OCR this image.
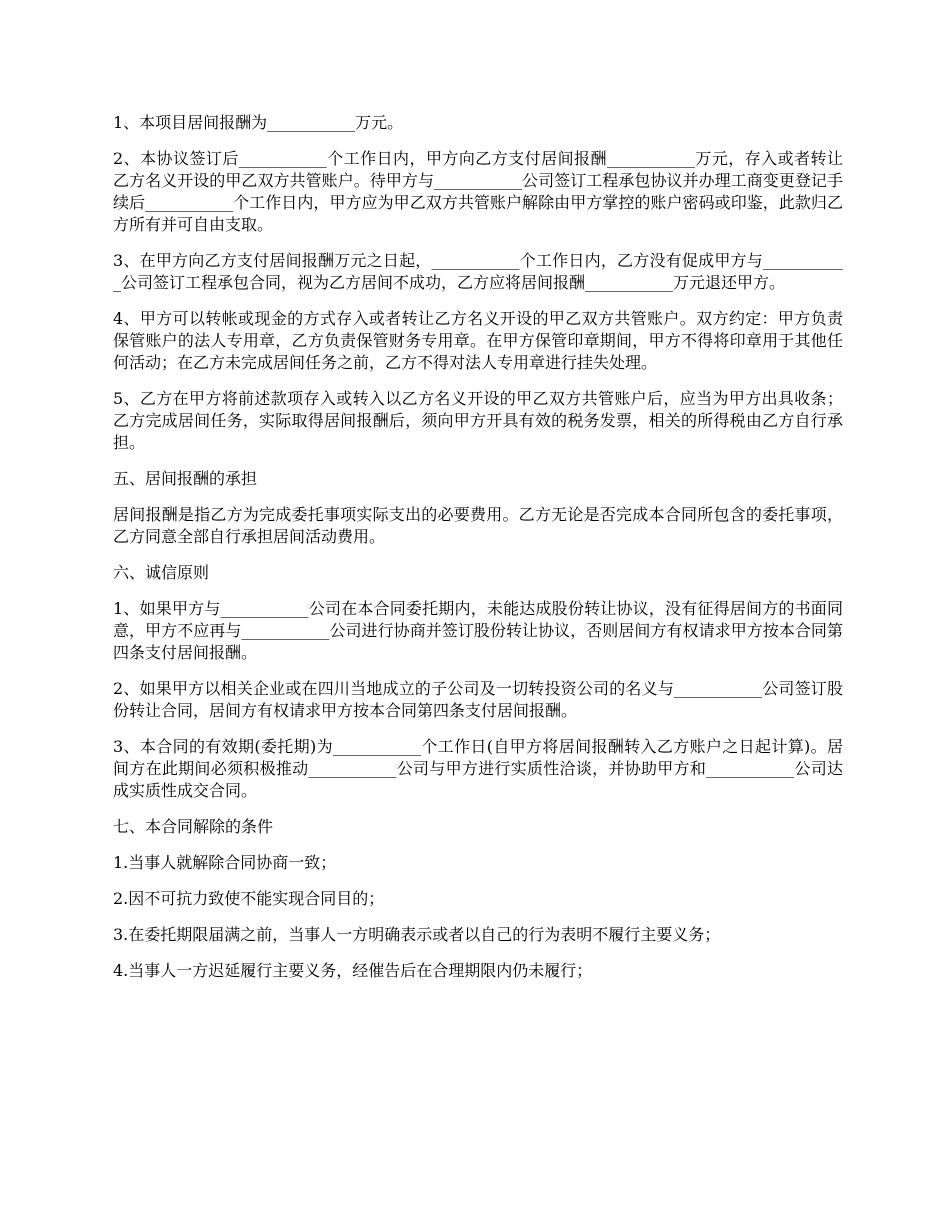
1、本项目居间报酬为___________万元。

2、本协议签订后___________个工作日内，甲方向乙方支付居间报酬___________万元，存入或者转让乙方名义开设的甲乙双方共管账户。待甲方与___________公司签订工程承包协议并办理工商变更登记手续后___________个工作日内，甲方应为甲乙双方共管账户解除由甲方掌控的账户密码或印鉴，此款归乙方所有并可自由支取。

3、在甲方向乙方支付居间报酬万元之日起，___________个工作日内，乙方没有促成甲方与___________公司签订工程承包合同，视为乙方居间不成功，乙方应将居间报酬___________万元退还甲方。

4、甲方可以转帐或现金的方式存入或者转让乙方名义开设的甲乙双方共管账户。双方约定：甲方负责保管账户的法人专用章，乙方负责保管财务专用章。在甲方保管印章期间，甲方不得将印章用于其他任何活动；在乙方未完成居间任务之前，乙方不得对法人专用章进行挂失处理。

5、乙方在甲方将前述款项存入或转入以乙方名义开设的甲乙双方共管账户后，应当为甲方出具收条；乙方完成居间任务，实际取得居间报酬后，须向甲方开具有效的税务发票，相关的所得税由乙方自行承担。

五、居间报酬的承担

居间报酬是指乙方为完成委托事项实际支出的必要费用。乙方无论是否完成本合同所包含的委托事项，乙方同意全部自行承担居间活动费用。

六、诚信原则

1、如果甲方与___________公司在本合同委托期内，未能达成股份转让协议，没有征得居间方的书面同意，甲方不应再与___________公司进行协商并签订股份转让协议，否则居间方有权请求甲方按本合同第四条支付居间报酬。

2、如果甲方以相关企业或在四川当地成立的子公司及一切转投资公司的名义与___________公司签订股份转让合同，居间方有权请求甲方按本合同第四条支付居间报酬。

3、本合同的有效期(委托期)为___________个工作日(自甲方将居间报酬转入乙方账户之日起计算)。居间方在此期间必须积极推动___________公司与甲方进行实质性洽谈，并协助甲方和___________公司达成实质性成交合同。

七、本合同解除的条件

1.当事人就解除合同协商一致；

2.因不可抗力致使不能实现合同目的；

3.在委托期限届满之前，当事人一方明确表示或者以自己的行为表明不履行主要义务；

4.当事人一方迟延履行主要义务，经催告后在合理期限内仍未履行；
